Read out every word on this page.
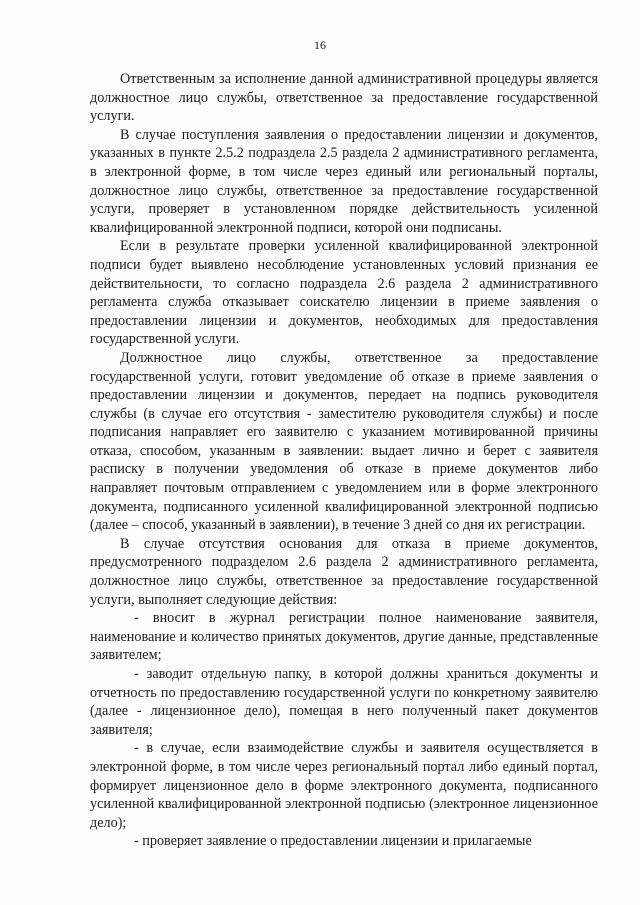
16

Ответственным за исполнение данной административной процедуры является должностное лицо службы, ответственное за предоставление государственной услуги.

В случае поступления заявления о предоставлении лицензии и документов, указанных в пункте 2.5.2 подраздела 2.5 раздела 2 административного регламента, в электронной форме, в том числе через единый или региональный порталы, должностное лицо службы, ответственное за предоставление государственной услуги, проверяет в установленном порядке действительность усиленной квалифицированной электронной подписи, которой они подписаны.

Если в результате проверки усиленной квалифицированной электронной подписи будет выявлено несоблюдение установленных условий признания ее действительности, то согласно подраздела 2.6 раздела 2 административного регламента служба отказывает соискателю лицензии в приеме заявления о предоставлении лицензии и документов, необходимых для предоставления государственной услуги.

Должностное лицо службы, ответственное за предоставление государственной услуги, готовит уведомление об отказе в приеме заявления о предоставлении лицензии и документов, передает на подпись руководителя службы (в случае его отсутствия - заместителю руководителя службы) и после подписания направляет его заявителю с указанием мотивированной причины отказа, способом, указанным в заявлении: выдает лично и берет с заявителя расписку в получении уведомления об отказе в приеме документов либо направляет почтовым отправлением с уведомлением или в форме электронного документа, подписанного усиленной квалифицированной электронной подписью (далее – способ, указанный в заявлении), в течение 3 дней со дня их регистрации.

В случае отсутствия основания для отказа в приеме документов, предусмотренного подразделом 2.6 раздела 2 административного регламента, должностное лицо службы, ответственное за предоставление государственной услуги, выполняет следующие действия:

- вносит в журнал регистрации полное наименование заявителя, наименование и количество принятых документов, другие данные, представленные заявителем;

- заводит отдельную папку, в которой должны храниться документы и отчетность по предоставлению государственной услуги по конкретному заявителю (далее - лицензионное дело), помещая в него полученный пакет документов заявителя;

- в случае, если взаимодействие службы и заявителя осуществляется в электронной форме, в том числе через региональный портал либо единый портал, формирует лицензионное дело в форме электронного документа, подписанного усиленной квалифицированной электронной подписью (электронное лицензионное дело);

- проверяет заявление о предоставлении лицензии и прилагаемые
